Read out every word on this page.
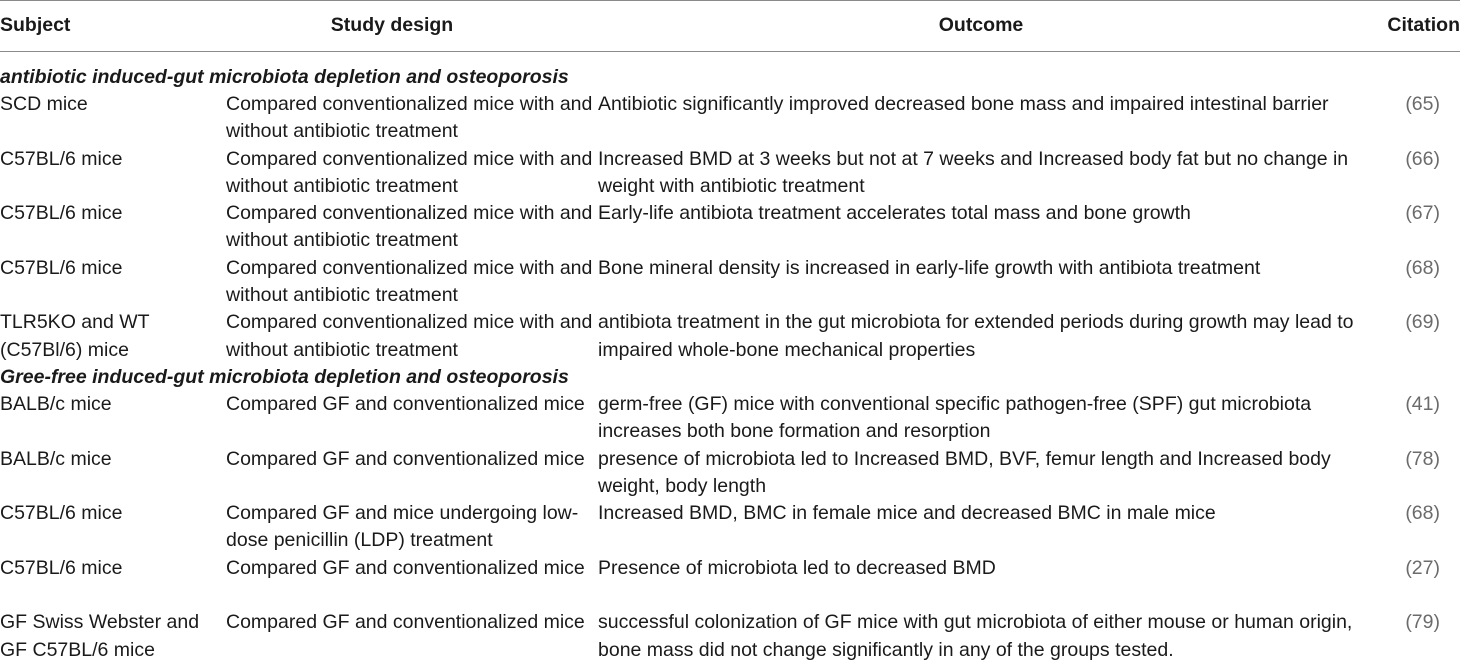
Subject	Study design	Outcome	Citation
antibiotic induced-gut microbiota depletion and osteoporosis			
SCD mice	Compared conventionalized mice with and without antibiotic treatment	Antibiotic significantly improved decreased bone mass and impaired intestinal barrier	(65)
C57BL/6 mice	Compared conventionalized mice with and without antibiotic treatment	Increased BMD at 3 weeks but not at 7 weeks and Increased body fat but no change in weight with antibiotic treatment	(66)
C57BL/6 mice	Compared conventionalized mice with and without antibiotic treatment	Early-life antibiota treatment accelerates total mass and bone growth	(67)
C57BL/6 mice	Compared conventionalized mice with and without antibiotic treatment	Bone mineral density is increased in early-life growth with antibiota treatment	(68)
TLR5KO and WT (C57Bl/6) mice	Compared conventionalized mice with and without antibiotic treatment	antibiota treatment in the gut microbiota for extended periods during growth may lead to impaired whole-bone mechanical properties	(69)
Gree-free induced-gut microbiota depletion and osteoporosis			
BALB/c mice	Compared GF and conventionalized mice	germ-free (GF) mice with conventional specific pathogen-free (SPF) gut microbiota increases both bone formation and resorption	(41)
BALB/c mice	Compared GF and conventionalized mice	presence of microbiota led to Increased BMD, BVF, femur length and Increased body weight, body length	(78)
C57BL/6 mice	Compared GF and mice undergoing low-dose penicillin (LDP) treatment	Increased BMD, BMC in female mice and decreased BMC in male mice	(68)
C57BL/6 mice	Compared GF and conventionalized mice	Presence of microbiota led to decreased BMD	(27)
GF Swiss Webster and GF C57BL/6 mice	Compared GF and conventionalized mice	successful colonization of GF mice with gut microbiota of either mouse or human origin, bone mass did not change significantly in any of the groups tested.	(79)
